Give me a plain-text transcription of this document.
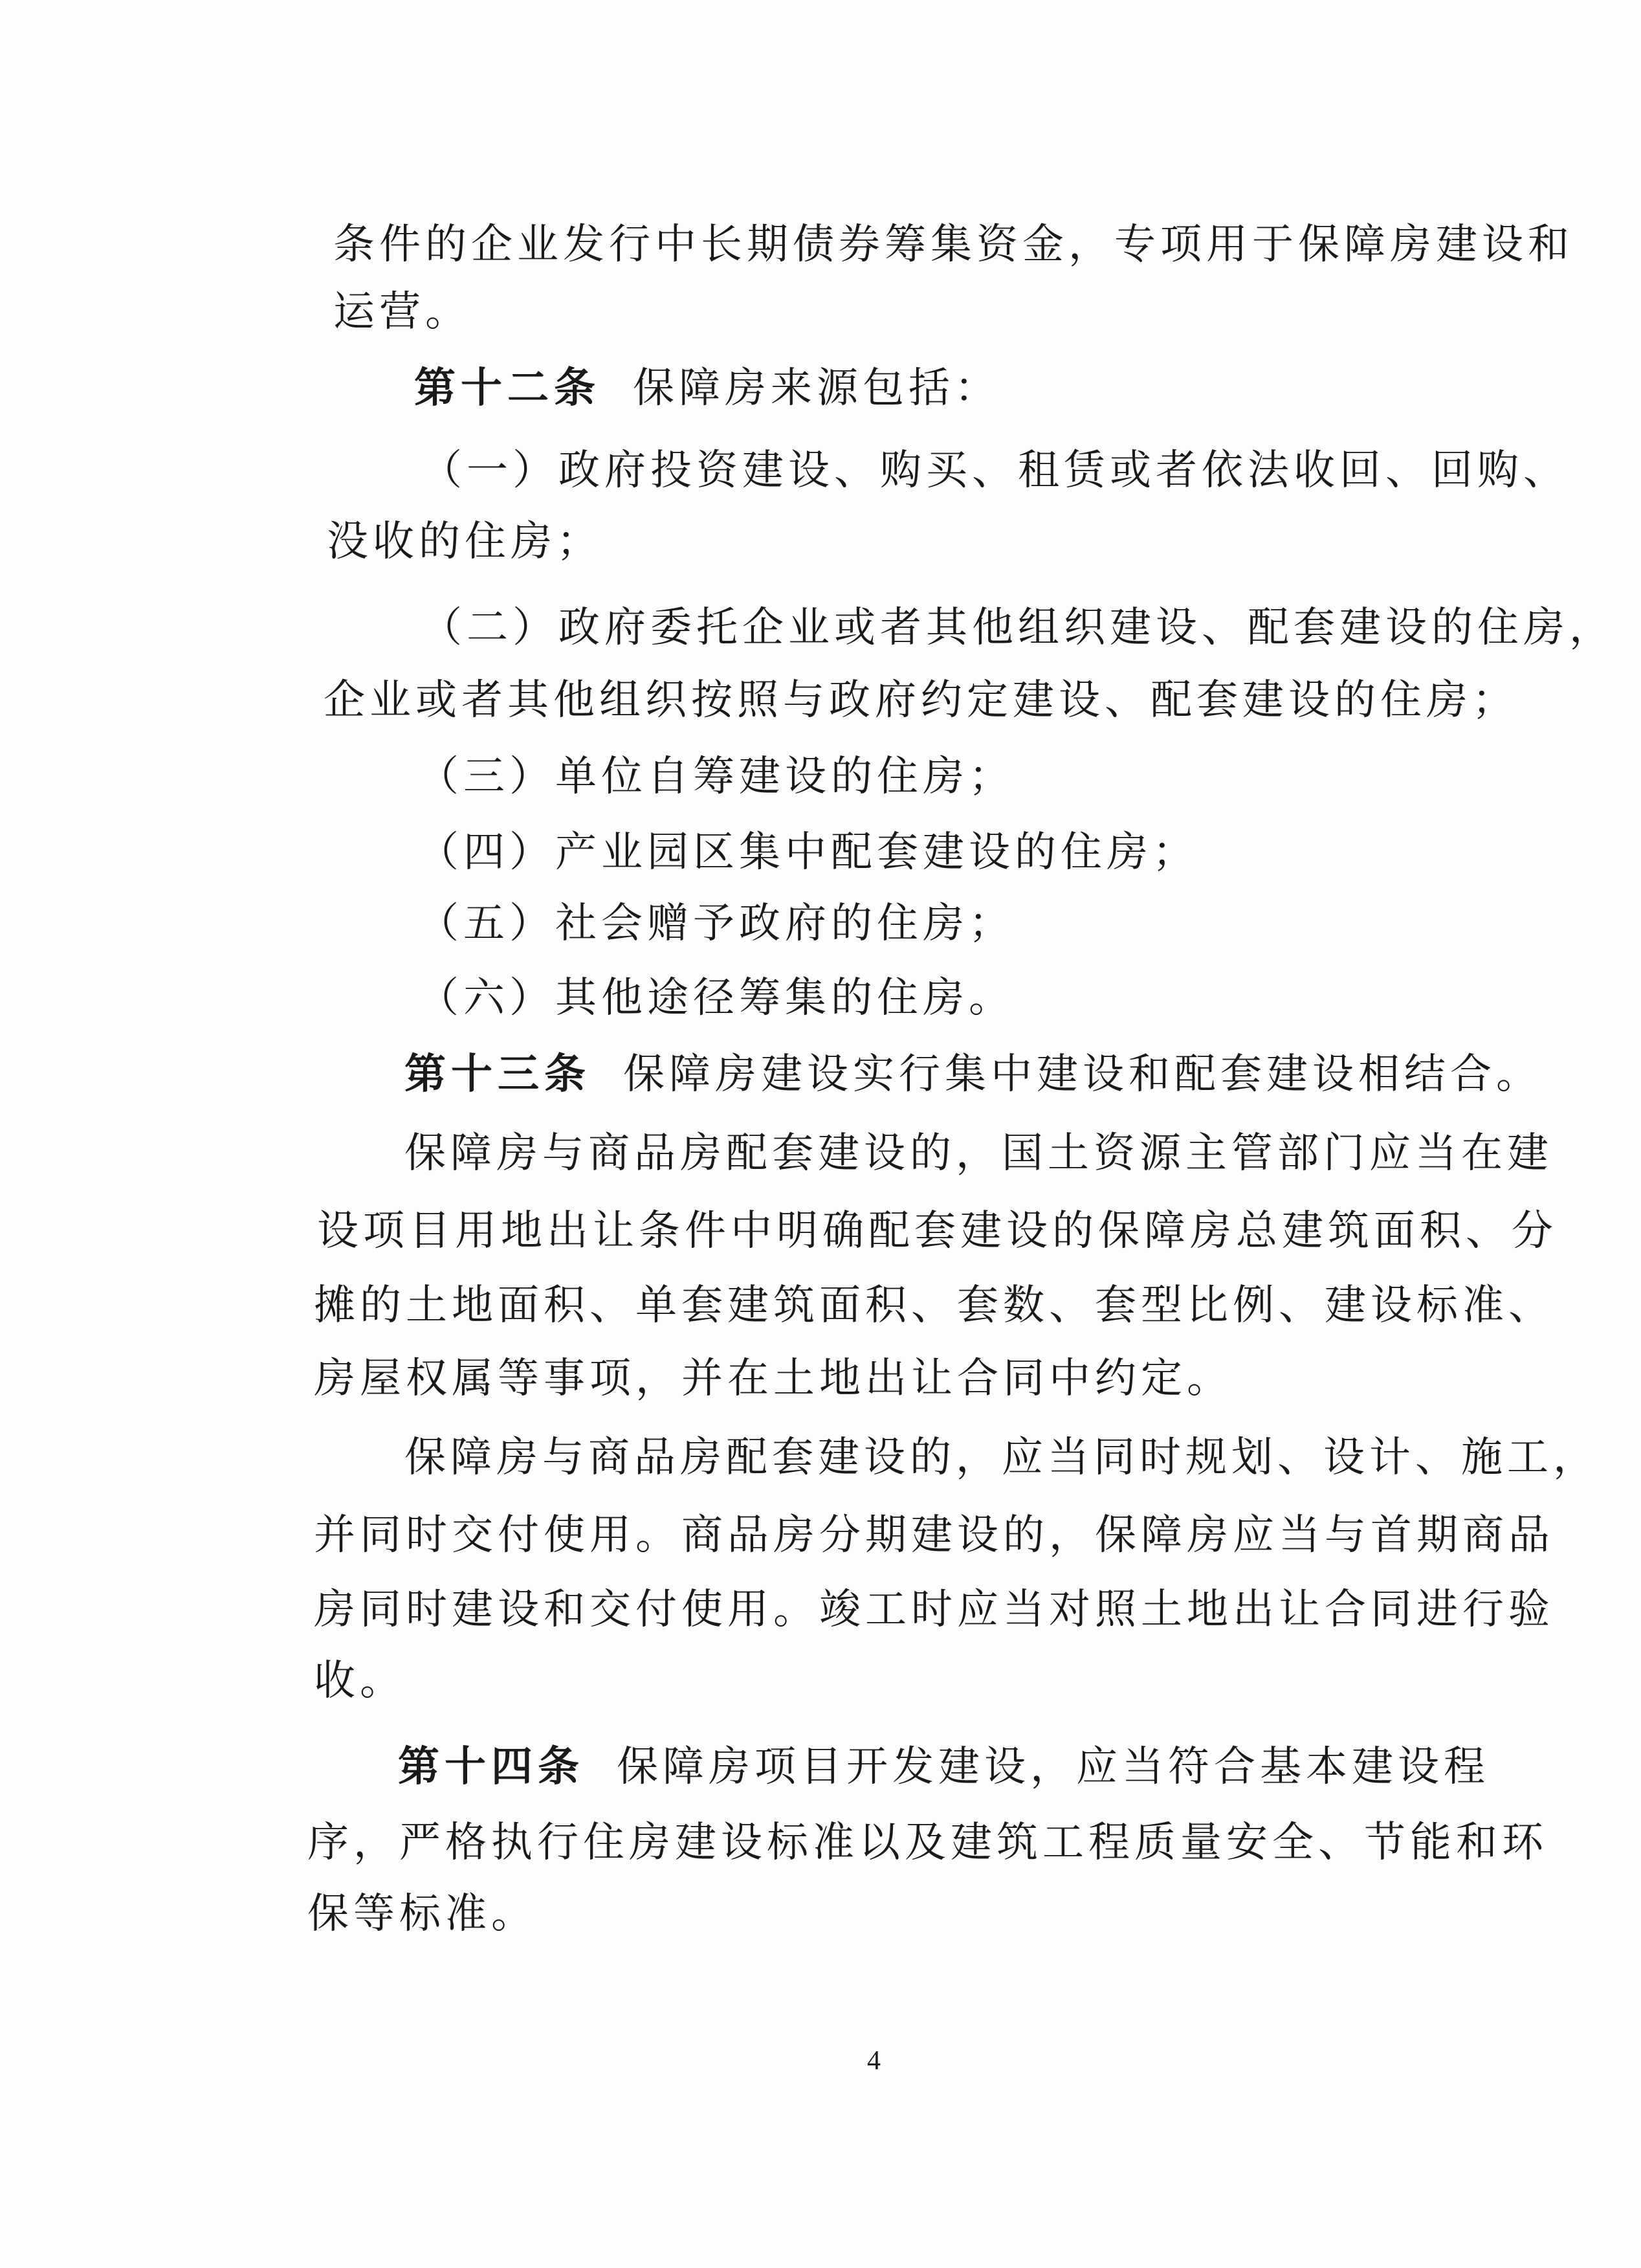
条件的企业发行中长期债券筹集资金，专项用于保障房建设和
运营。
第十二条 保障房来源包括：
（一）政府投资建设、购买、租赁或者依法收回、回购、
没收的住房；
（二）政府委托企业或者其他组织建设、配套建设的住房，
企业或者其他组织按照与政府约定建设、配套建设的住房；
（三）单位自筹建设的住房；
（四）产业园区集中配套建设的住房；
（五）社会赠予政府的住房；
（六）其他途径筹集的住房。
第十三条 保障房建设实行集中建设和配套建设相结合。
保障房与商品房配套建设的，国土资源主管部门应当在建
设项目用地出让条件中明确配套建设的保障房总建筑面积、分
摊的土地面积、单套建筑面积、套数、套型比例、建设标准、
房屋权属等事项，并在土地出让合同中约定。
保障房与商品房配套建设的，应当同时规划、设计、施工，
并同时交付使用。商品房分期建设的，保障房应当与首期商品
房同时建设和交付使用。竣工时应当对照土地出让合同进行验
收。
第十四条 保障房项目开发建设，应当符合基本建设程
序，严格执行住房建设标准以及建筑工程质量安全、节能和环
保等标准。
4
